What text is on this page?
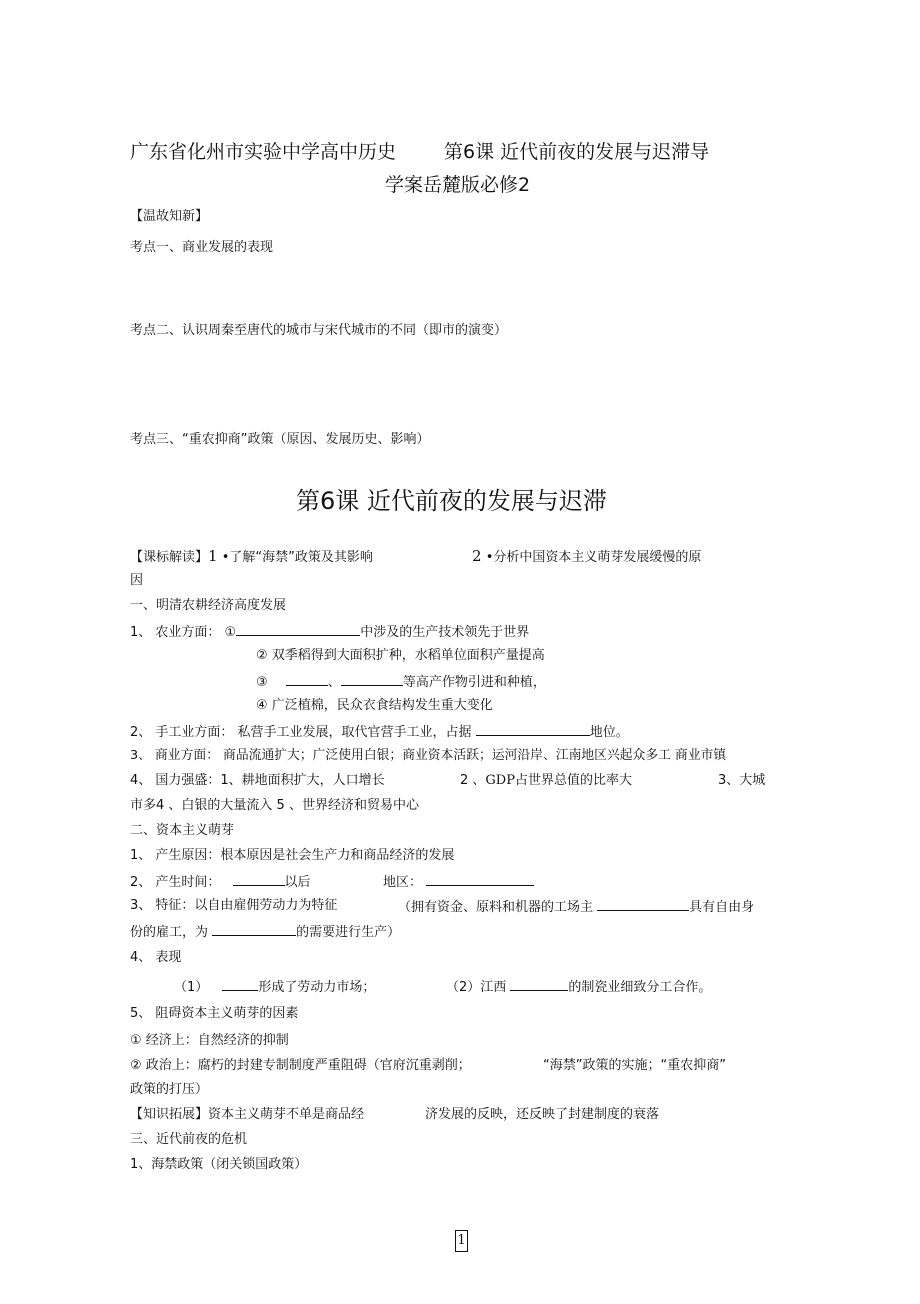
广东省化州市实验中学高中历史	第6课 近代前夜的发展与迟滞导
学案岳麓版必修2
【温故知新】
考点一、商业发展的表现
考点二、认识周秦至唐代的城市与宋代城市的不同（即市的演变）
考点三、“重农抑商”政策（原因、发展历史、影响）
第6课 近代前夜的发展与迟滞
【课标解读】1 •了解“海禁”政策及其影响	2 •分析中国资本主义萌芽发展缓慢的原
因
一、明清农耕经济高度发展
1、 农业方面： ①	中涉及的生产技术领先于世界
② 双季稻得到大面积扩种，水稻单位面积产量提高
③	、	等高产作物引进和种植，
④ 广泛植棉，民众衣食结构发生重大变化
2、 手工业方面： 私营手工业发展，取代官营手工业，占据	地位。
3、 商业方面： 商品流通扩大；广泛使用白银；商业资本活跃；运河沿岸、江南地区兴起众多工 商业市镇
4、 国力强盛：1、耕地面积扩大，人口增长	2 、GDP占世界总值的比率大	3、大城
市多4 、白银的大量流入 5 、世界经济和贸易中心
二、资本主义萌芽
1、 产生原因：根本原因是社会生产力和商品经济的发展
2、 产生时间：	以后	地区：
3、 特征：以自由雇佣劳动力为特征	（拥有资金、原料和机器的工场主	具有自由身
份的雇工，为	的需要进行生产）
4、 表现
（1）	形成了劳动力市场；	（2）江西	的制瓷业细致分工合作。
5、 阻碍资本主义萌芽的因素
① 经济上：自然经济的抑制
② 政治上：腐朽的封建专制制度严重阻碍（官府沉重剥削；	“海禁”政策的实施；“重农抑商”
政策的打压）
【知识拓展】资本主义萌芽不单是商品经	济发展的反映，还反映了封建制度的衰落
三、近代前夜的危机
1、海禁政策（闭关锁国政策）
1
